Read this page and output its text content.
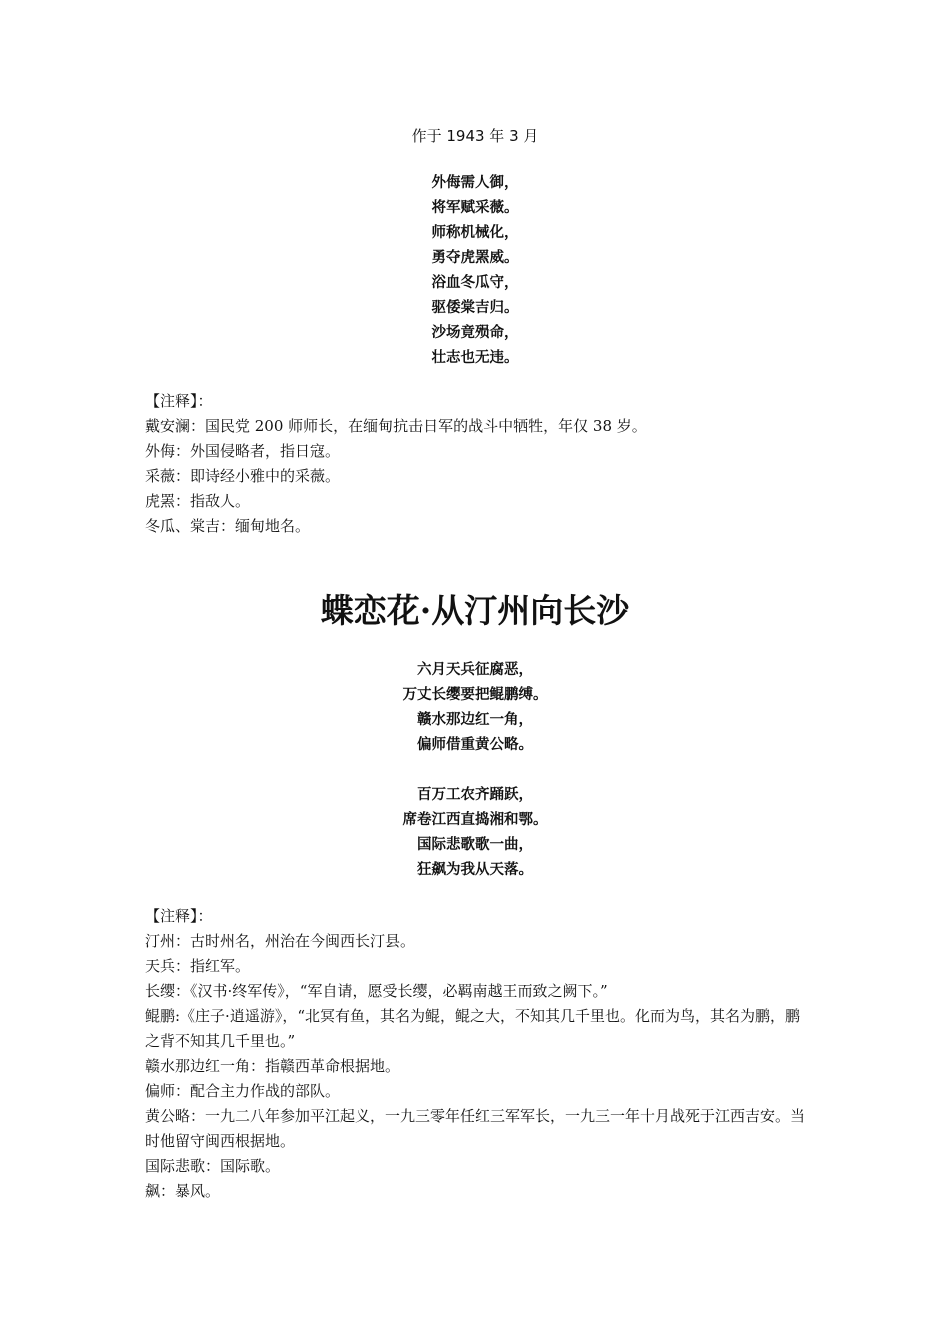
作于 1943 年 3 月
外侮需人御，
将军赋采薇。
师称机械化，
勇夺虎罴威。
浴血冬瓜守，
驱倭棠吉归。
沙场竟殒命，
壮志也无违。

【注释】：

戴安澜：国民党 200 师师长，在缅甸抗击日军的战斗中牺牲，年仅 38 岁。

外侮：外国侵略者，指日寇。

采薇：即诗经小雅中的采薇。

虎罴：指敌人。

冬瓜、棠吉：缅甸地名。

蝶恋花·从汀州向长沙
六月天兵征腐恶，
万丈长缨要把鲲鹏缚。
赣水那边红一角，
偏师借重黄公略。
百万工农齐踊跃，
席卷江西直捣湘和鄂。
国际悲歌歌一曲，
狂飙为我从天落。

【注释】：

汀州：古时州名，州治在今闽西长汀县。

天兵：指红军。

长缨：《汉书·终军传》，“军自请，愿受长缨，必羁南越王而致之阙下。”

鲲鹏:《庄子·逍遥游》，“北冥有鱼，其名为鲲，鲲之大，不知其几千里也。化而为鸟，其名为鹏，鹏之背不知其几千里也。”

赣水那边红一角：指赣西革命根据地。

偏师：配合主力作战的部队。

黄公略：一九二八年参加平江起义，一九三零年任红三军军长，一九三一年十月战死于江西吉安。当时他留守闽西根据地。

国际悲歌：国际歌。

飙：暴风。
